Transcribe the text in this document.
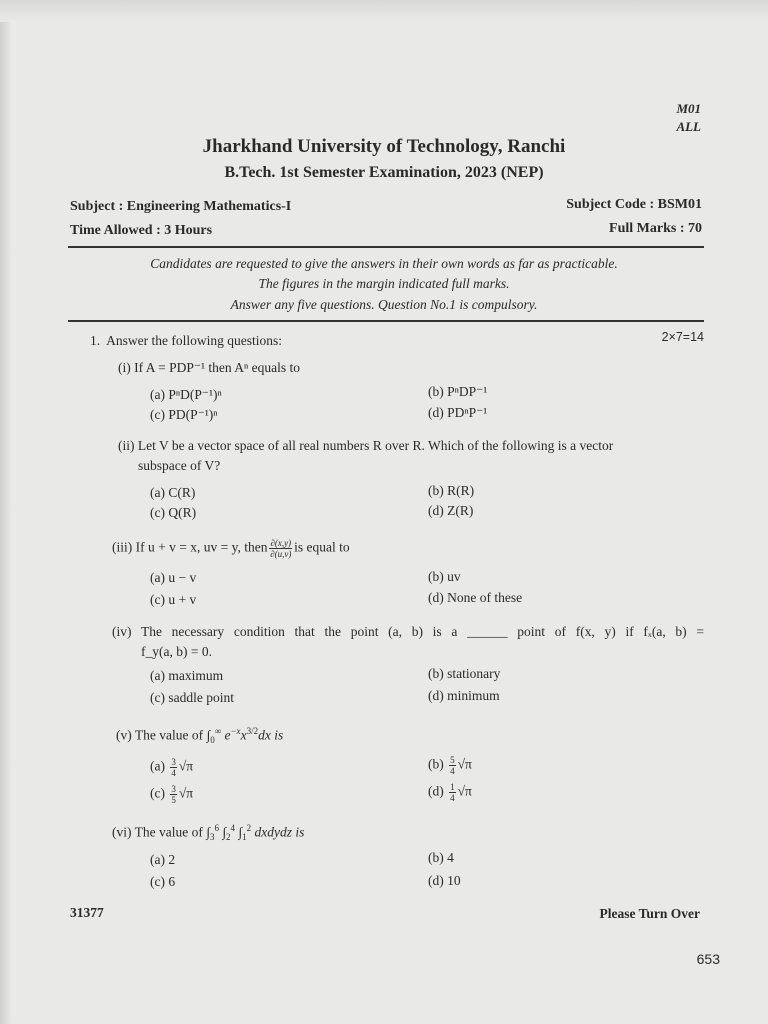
M01
ALL
Jharkhand University of Technology, Ranchi
B.Tech. 1st Semester Examination, 2023 (NEP)
Subject : Engineering Mathematics-I	Subject Code : BSM01
Time Allowed : 3 Hours	Full Marks : 70
Candidates are requested to give the answers in their own words as far as practicable.
The figures in the margin indicated full marks.
Answer any five questions. Question No.1 is compulsory.
1. Answer the following questions:	2×7=14
(i) If A = PDP⁻¹ then Aⁿ equals to
(a) PⁿD(P⁻¹)ⁿ	(b) PⁿDP⁻¹
(c) PD(P⁻¹)ⁿ	(d) PDⁿP⁻¹
(ii) Let V be a vector space of all real numbers R over R. Which of the following is a vector
subspace of V?
(a) C(R)	(b) R(R)
(c) Q(R)	(d) Z(R)
(iii) If u + v = x, uv = y, then $\frac{\partial(x,y)}{\partial(u,v)}$ is equal to
(a) u − v	(b) uv
(c) u + v	(d) None of these
(iv) The necessary condition that the point (a, b) is a ______ point of f(x, y) if fₓ(a, b) =
f_y(a, b) = 0.
(a) maximum	(b) stationary
(c) saddle point	(d) minimum
(v) The value of $\int_0^\infty$ $e^{-x}x^{3/2}dx$ is
$(a) \frac{3}{4} √\pi$	$(b) \frac{5}{4} √\pi$
$(c) \frac{3}{5} √\pi$	$(d) \frac{1}{4} √\pi$
(vi) The value of $\int_3^6$ $\int_2^4$ $\int_1^2$ dxdydz is
(a) 2	(b) 4
(c) 6	(d) 10
31377	Please Turn Over
653
